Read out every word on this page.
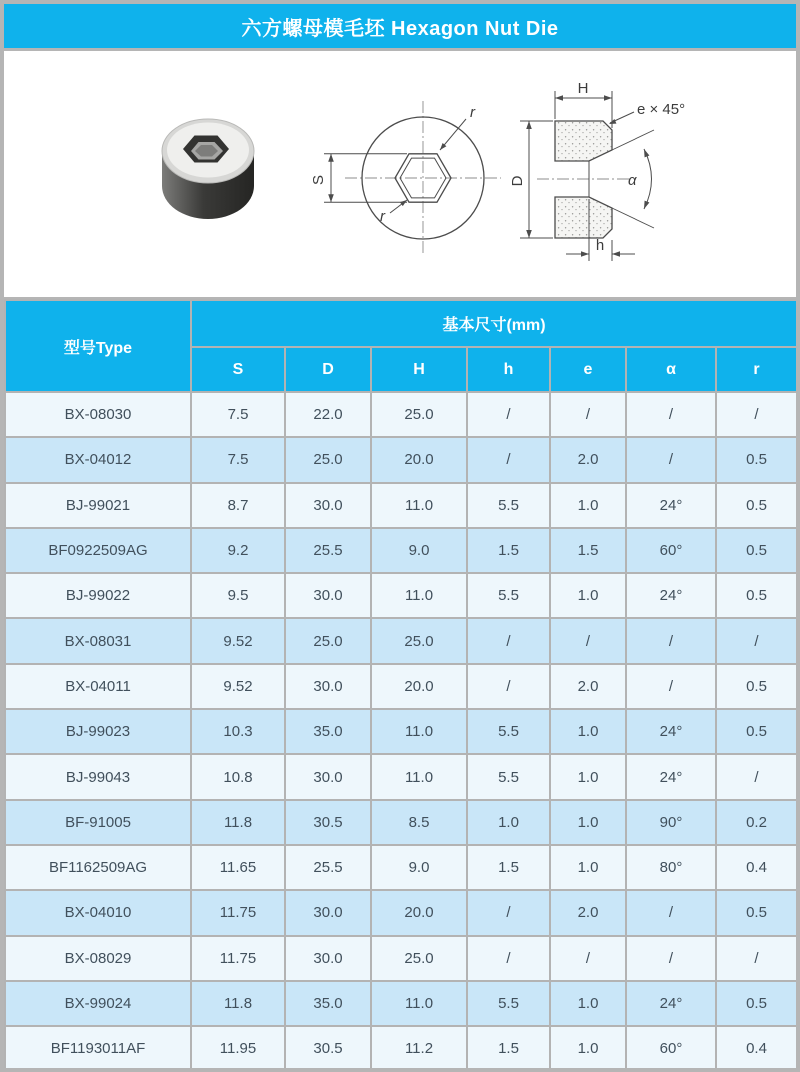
六方螺母模毛坯 Hexagon Nut Die
S
r
r
D
H
e × 45°
α
h
型号Type	基本尺寸(mm)						
	S	D	H	h	e	α	r
BX-08030	7.5	22.0	25.0	/	/	/	/
BX-04012	7.5	25.0	20.0	/	2.0	/	0.5
BJ-99021	8.7	30.0	11.0	5.5	1.0	24°	0.5
BF0922509AG	9.2	25.5	9.0	1.5	1.5	60°	0.5
BJ-99022	9.5	30.0	11.0	5.5	1.0	24°	0.5
BX-08031	9.52	25.0	25.0	/	/	/	/
BX-04011	9.52	30.0	20.0	/	2.0	/	0.5
BJ-99023	10.3	35.0	11.0	5.5	1.0	24°	0.5
BJ-99043	10.8	30.0	11.0	5.5	1.0	24°	/
BF-91005	11.8	30.5	8.5	1.0	1.0	90°	0.2
BF1162509AG	11.65	25.5	9.0	1.5	1.0	80°	0.4
BX-04010	11.75	30.0	20.0	/	2.0	/	0.5
BX-08029	11.75	30.0	25.0	/	/	/	/
BX-99024	11.8	35.0	11.0	5.5	1.0	24°	0.5
BF1193011AF	11.95	30.5	11.2	1.5	1.0	60°	0.4
